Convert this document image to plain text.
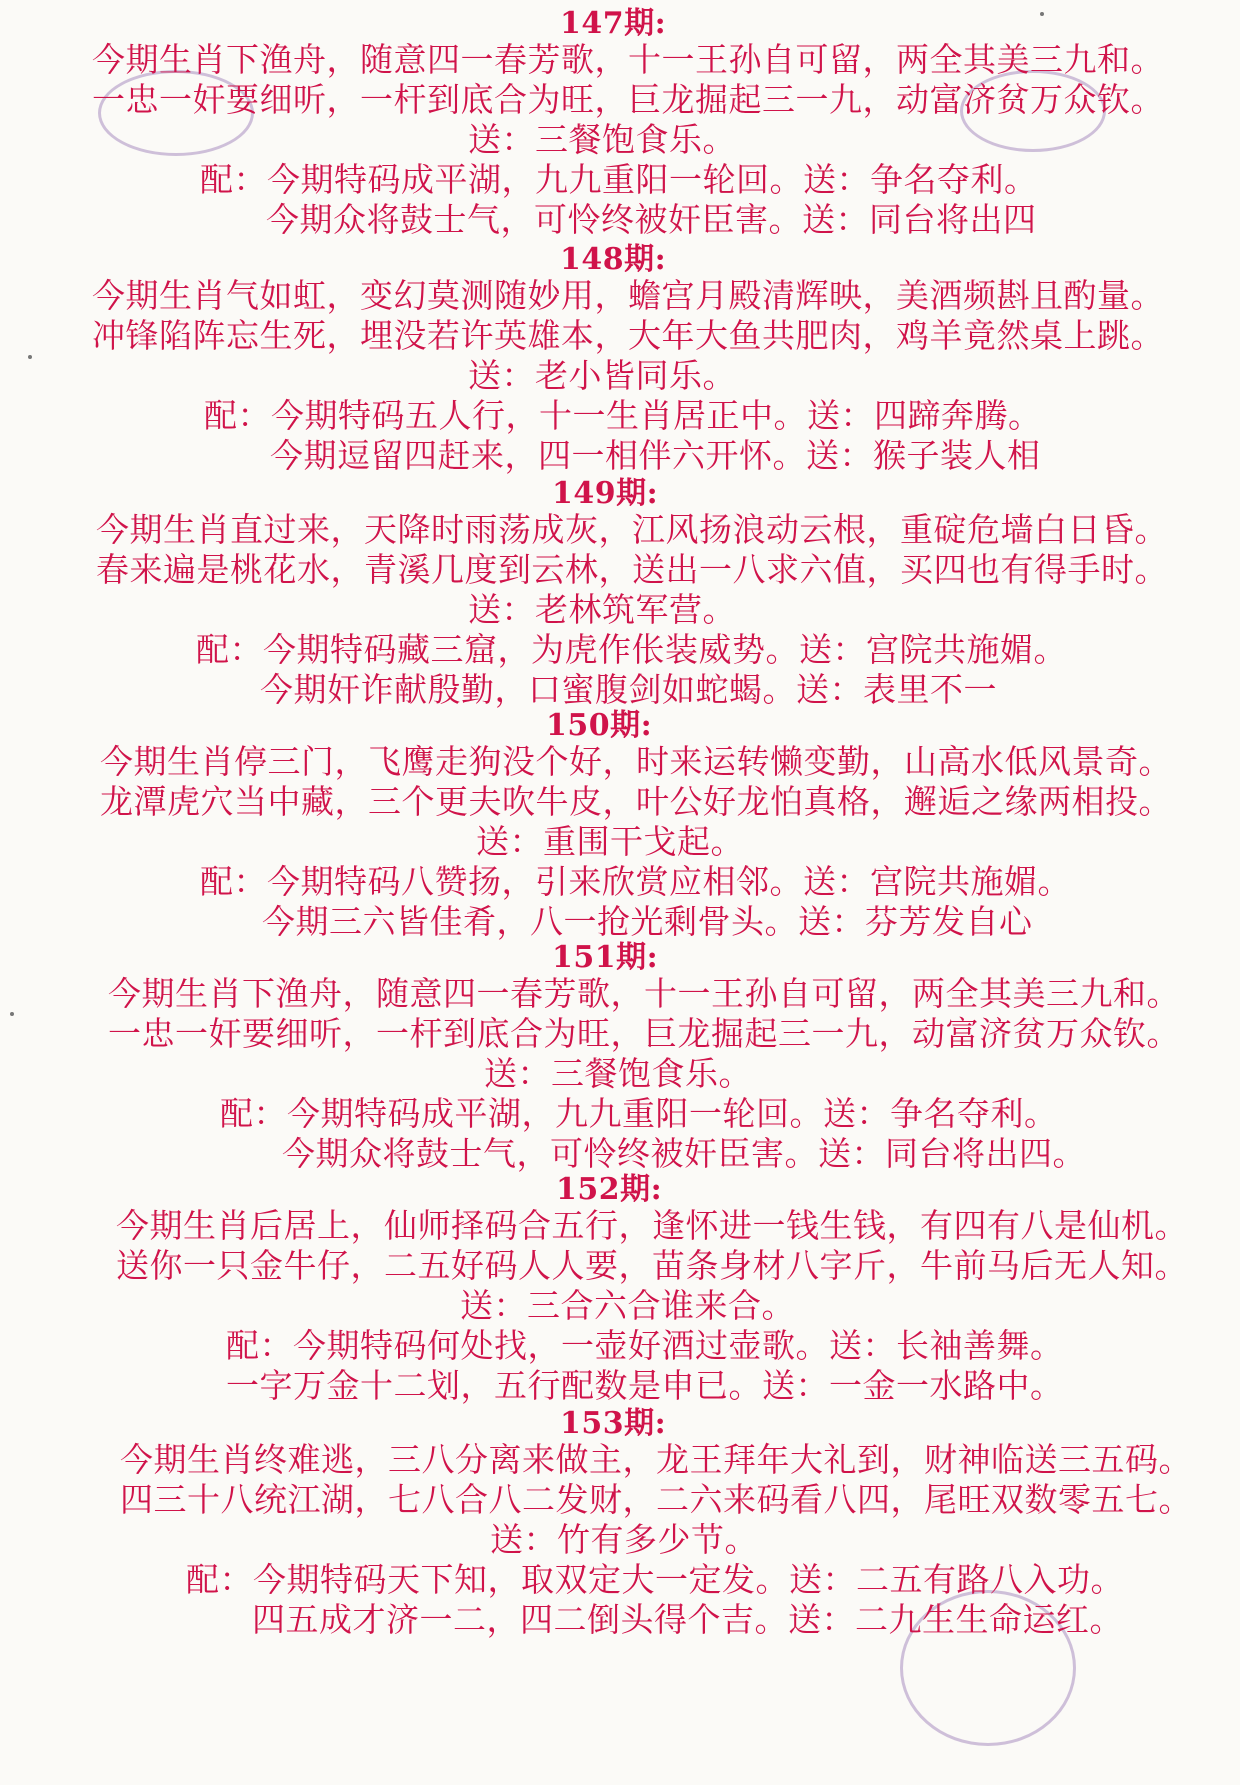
147期:
今期生肖下渔舟，随意四一春芳歌，十一王孙自可留，两全其美三九和。
一忠一奸要细听，一杆到底合为旺，巨龙掘起三一九，动富济贫万众钦。
送：三餐饱食乐。
配：今期特码成平湖，九九重阳一轮回。送：争名夺利。
今期众将鼓士气，可怜终被奸臣害。送：同台将出四
148期:
今期生肖气如虹，变幻莫测随妙用，蟾宫月殿清辉映，美酒频斟且酌量。
冲锋陷阵忘生死，埋没若许英雄本，大年大鱼共肥肉，鸡羊竟然桌上跳。
送：老小皆同乐。
配：今期特码五人行，十一生肖居正中。送：四蹄奔腾。
今期逗留四赶来，四一相伴六开怀。送：猴子装人相
149期:
今期生肖直过来，天降时雨荡成灰，江风扬浪动云根，重碇危墙白日昏。
春来遍是桃花水，青溪几度到云林，送出一八求六值，买四也有得手时。
送：老林筑军营。
配：今期特码藏三窟，为虎作伥装威势。送：宫院共施媚。
今期奸诈献殷勤，口蜜腹剑如蛇蝎。送：表里不一
150期:
今期生肖停三门，飞鹰走狗没个好，时来运转懒变勤，山高水低风景奇。
龙潭虎穴当中藏，三个更夫吹牛皮，叶公好龙怕真格，邂逅之缘两相投。
送：重围干戈起。
配：今期特码八赞扬，引来欣赏应相邻。送：宫院共施媚。
今期三六皆佳肴，八一抢光剩骨头。送：芬芳发自心
151期:
今期生肖下渔舟，随意四一春芳歌，十一王孙自可留，两全其美三九和。
一忠一奸要细听，一杆到底合为旺，巨龙掘起三一九，动富济贫万众钦。
送：三餐饱食乐。
配：今期特码成平湖，九九重阳一轮回。送：争名夺利。
今期众将鼓士气，可怜终被奸臣害。送：同台将出四。
152期:
今期生肖后居上，仙师择码合五行，逢怀进一钱生钱，有四有八是仙机。
送你一只金牛仔，二五好码人人要，苗条身材八字斤，牛前马后无人知。
送：三合六合谁来合。
配：今期特码何处找，一壶好酒过壶歌。送：长袖善舞。
一字万金十二划，五行配数是申已。送：一金一水路中。
153期:
今期生肖终难逃，三八分离来做主，龙王拜年大礼到，财神临送三五码。
四三十八统江湖，七八合八二发财，二六来码看八四，尾旺双数零五七。
送：竹有多少节。
配：今期特码天下知，取双定大一定发。送：二五有路八入功。
四五成才济一二，四二倒头得个吉。送：二九生生命运红。
